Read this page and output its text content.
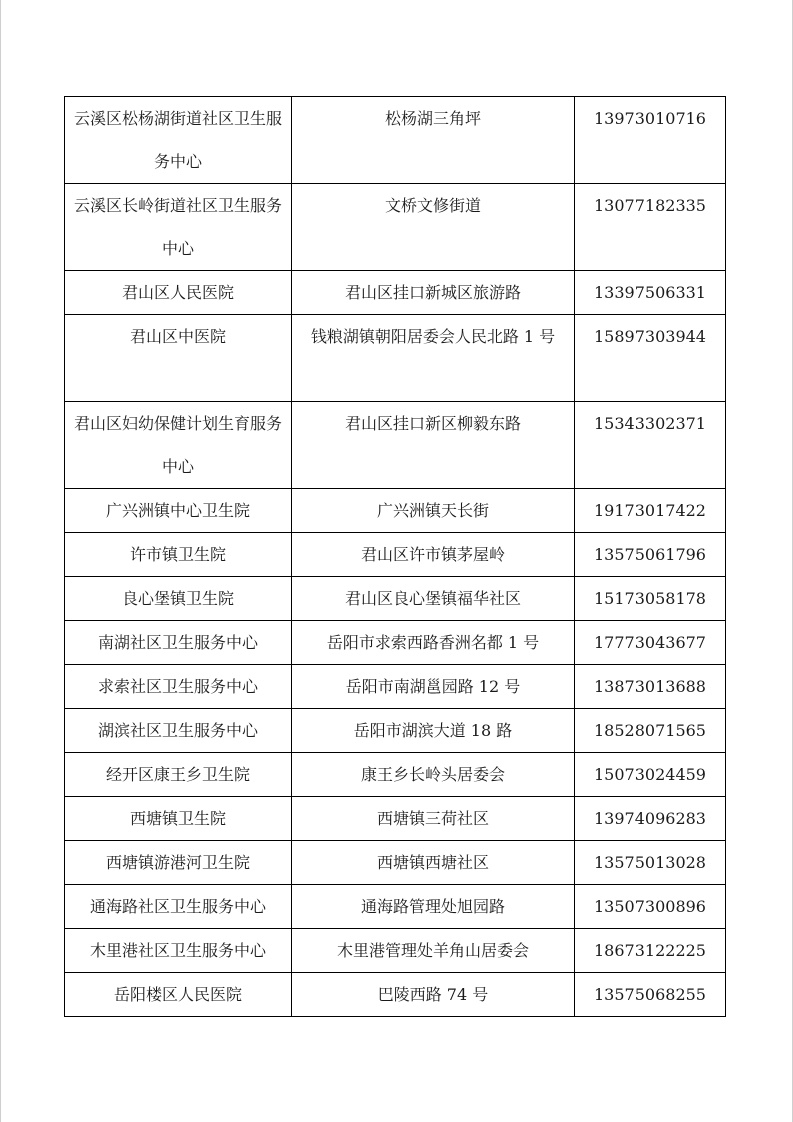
云溪区松杨湖街道社区卫生服务中心	松杨湖三角坪	13973010716
云溪区长岭街道社区卫生服务中心	文桥文修街道	13077182335
君山区人民医院	君山区挂口新城区旅游路	13397506331
君山区中医院	钱粮湖镇朝阳居委会人民北路 1 号	15897303944
君山区妇幼保健计划生育服务中心	君山区挂口新区柳毅东路	15343302371
广兴洲镇中心卫生院	广兴洲镇天长街	19173017422
许市镇卫生院	君山区许市镇茅屋岭	13575061796
良心堡镇卫生院	君山区良心堡镇福华社区	15173058178
南湖社区卫生服务中心	岳阳市求索西路香洲名都 1 号	17773043677
求索社区卫生服务中心	岳阳市南湖邕园路 12 号	13873013688
湖滨社区卫生服务中心	岳阳市湖滨大道 18 路	18528071565
经开区康王乡卫生院	康王乡长岭头居委会	15073024459
西塘镇卫生院	西塘镇三荷社区	13974096283
西塘镇游港河卫生院	西塘镇西塘社区	13575013028
通海路社区卫生服务中心	通海路管理处旭园路	13507300896
木里港社区卫生服务中心	木里港管理处羊角山居委会	18673122225
岳阳楼区人民医院	巴陵西路 74 号	13575068255
